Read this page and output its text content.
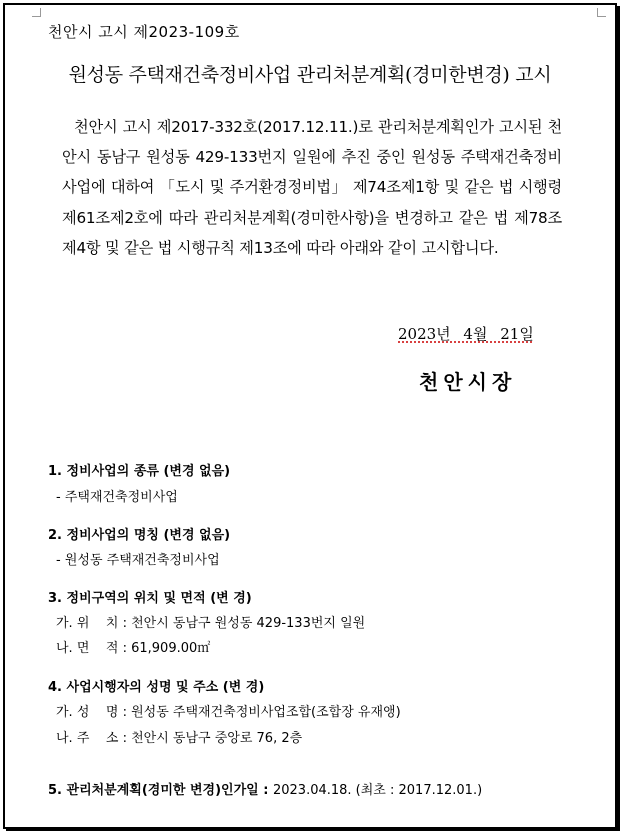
천안시 고시 제2023-109호
원성동 주택재건축정비사업 관리처분계획(경미한변경) 고시
천안시 고시 제2017-332호(2017.12.11.)로 관리처분계획인가 고시된 천안시 동남구 원성동 429-133번지 일원에 추진 중인 원성동 주택재건축정비사업에 대하여 「도시 및 주거환경정비법」 제74조제1항 및 같은 법 시행령 제61조제2호에 따라 관리처분계획(경미한사항)을 변경하고 같은 법 제78조제4항 및 같은 법 시행규칙 제13조에 따라 아래와 같이 고시합니다.
2023년 4월 21일
천안시장
1. 정비사업의 종류 (변경 없음)
- 주택재건축정비사업
2. 정비사업의 명칭 (변경 없음)
- 원성동 주택재건축정비사업
3. 정비구역의 위치 및 면적 (변 경)
가. 위    치 : 천안시 동남구 원성동 429-133번지 일원
나. 면    적 : 61,909.00㎡
4. 사업시행자의 성명 및 주소 (변 경)
가. 성    명 : 원성동 주택재건축정비사업조합(조합장 유재앵)
나. 주    소 : 천안시 동남구 중앙로 76, 2층
5. 관리처분계획(경미한 변경)인가일 : 2023.04.18. (최초 : 2017.12.01.)
